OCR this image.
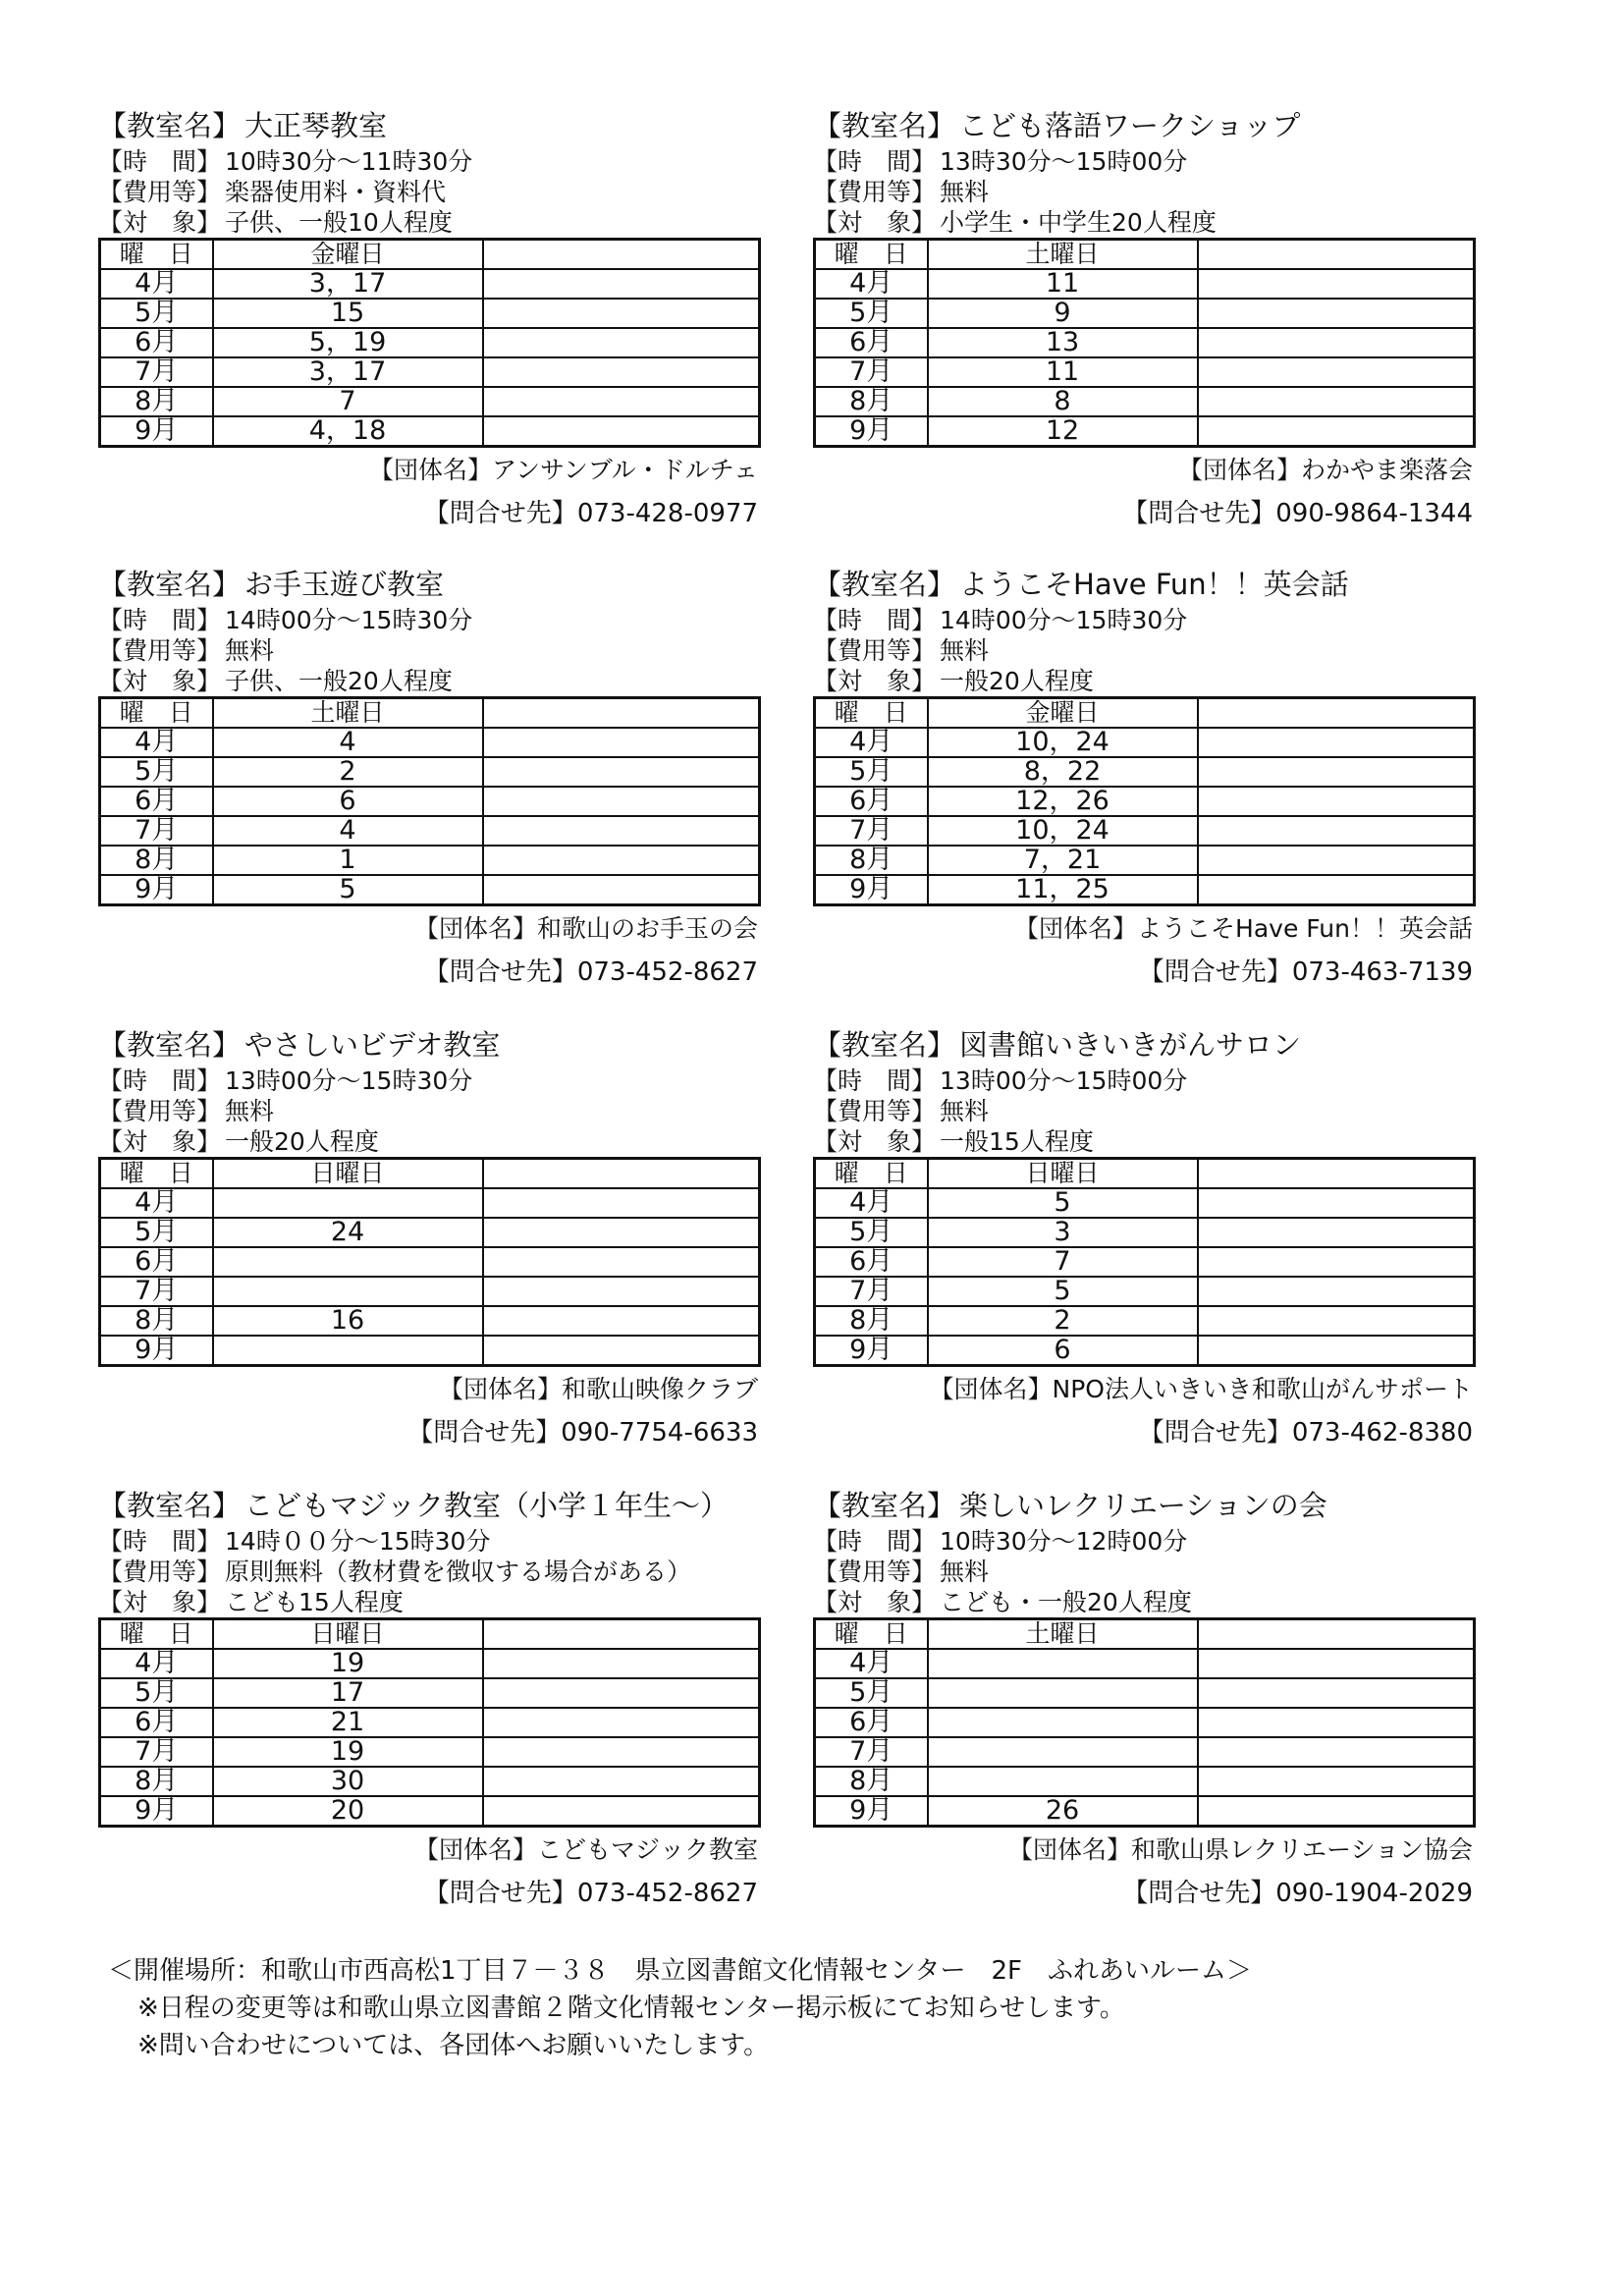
【教室名】 大正琴教室
【時　間】 10時30分～11時30分
【費用等】 楽器使用料・資料代
【対　象】 子供、一般10人程度
曜　日	金曜日	
4月	3，17	
5月	15	
6月	5，19	
7月	3，17	
8月	7	
9月	4，18	
【団体名】アンサンブル・ドルチェ
【問合せ先】073-428-0977
【教室名】 こども落語ワークショップ
【時　間】 13時30分～15時00分
【費用等】 無料
【対　象】 小学生・中学生20人程度
曜　日	土曜日	
4月	11	
5月	9	
6月	13	
7月	11	
8月	8	
9月	12	
【団体名】わかやま楽落会
【問合せ先】090-9864-1344
【教室名】 お手玉遊び教室
【時　間】 14時00分～15時30分
【費用等】 無料
【対　象】 子供、一般20人程度
曜　日	土曜日	
4月	4	
5月	2	
6月	6	
7月	4	
8月	1	
9月	5	
【団体名】和歌山のお手玉の会
【問合せ先】073-452-8627
【教室名】 ようこそHave Fun！！英会話
【時　間】 14時00分～15時30分
【費用等】 無料
【対　象】 一般20人程度
曜　日	金曜日	
4月	10，24	
5月	8，22	
6月	12，26	
7月	10，24	
8月	7，21	
9月	11，25	
【団体名】ようこそHave Fun！！英会話
【問合せ先】073-463-7139
【教室名】 やさしいビデオ教室
【時　間】 13時00分～15時30分
【費用等】 無料
【対　象】 一般20人程度
曜　日	日曜日	
4月		
5月	24	
6月		
7月		
8月	16	
9月		
【団体名】和歌山映像クラブ
【問合せ先】090-7754-6633
【教室名】 図書館いきいきがんサロン
【時　間】 13時00分～15時00分
【費用等】 無料
【対　象】 一般15人程度
曜　日	日曜日	
4月	5	
5月	3	
6月	7	
7月	5	
8月	2	
9月	6	
【団体名】NPO法人いきいき和歌山がんサポート
【問合せ先】073-462-8380
【教室名】 こどもマジック教室（小学１年生～）
【時　間】 14時００分～15時30分
【費用等】 原則無料（教材費を徴収する場合がある）
【対　象】 こども15人程度
曜　日	日曜日	
4月	19	
5月	17	
6月	21	
7月	19	
8月	30	
9月	20	
【団体名】こどもマジック教室
【問合せ先】073-452-8627
【教室名】 楽しいレクリエーションの会
【時　間】 10時30分～12時00分
【費用等】 無料
【対　象】 こども・一般20人程度
曜　日	土曜日	
4月		
5月		
6月		
7月		
8月		
9月	26	
【団体名】和歌山県レクリエーション協会
【問合せ先】090-1904-2029
＜開催場所：和歌山市西高松1丁目７－３８　県立図書館文化情報センター　2F　ふれあいルーム＞
※日程の変更等は和歌山県立図書館２階文化情報センター掲示板にてお知らせします。
※問い合わせについては、各団体へお願いいたします。
